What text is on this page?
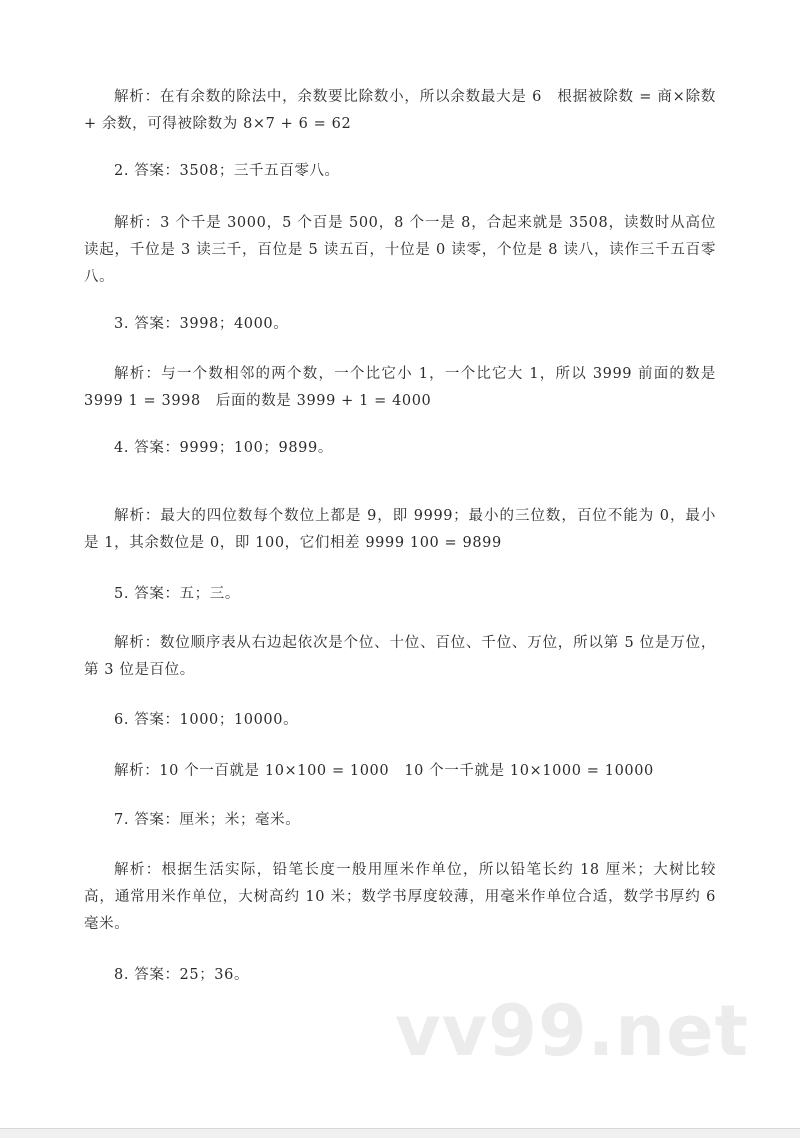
解析：在有余数的除法中，余数要比除数小，所以余数最大是 6　根据被除数 = 商×除数 + 余数，可得被除数为 8×7 + 6 = 62
2. 答案：3508；三千五百零八。
解析：3 个千是 3000，5 个百是 500，8 个一是 8，合起来就是 3508，读数时从高位读起，千位是 3 读三千，百位是 5 读五百，十位是 0 读零，个位是 8 读八，读作三千五百零八。
3. 答案：3998；4000。
解析：与一个数相邻的两个数，一个比它小 1，一个比它大 1，所以 3999 前面的数是 3999 1 = 3998　后面的数是 3999 + 1 = 4000
4. 答案：9999；100；9899。
解析：最大的四位数每个数位上都是 9，即 9999；最小的三位数，百位不能为 0，最小是 1，其余数位是 0，即 100，它们相差 9999 100 = 9899
5. 答案：五；三。
解析：数位顺序表从右边起依次是个位、十位、百位、千位、万位，所以第 5 位是万位，第 3 位是百位。
6. 答案：1000；10000。
解析：10 个一百就是 10×100 = 1000　10 个一千就是 10×1000 = 10000
7. 答案：厘米；米；毫米。
解析：根据生活实际，铅笔长度一般用厘米作单位，所以铅笔长约 18 厘米；大树比较高，通常用米作单位，大树高约 10 米；数学书厚度较薄，用毫米作单位合适，数学书厚约 6 毫米。
8. 答案：25；36。
vv99.net
